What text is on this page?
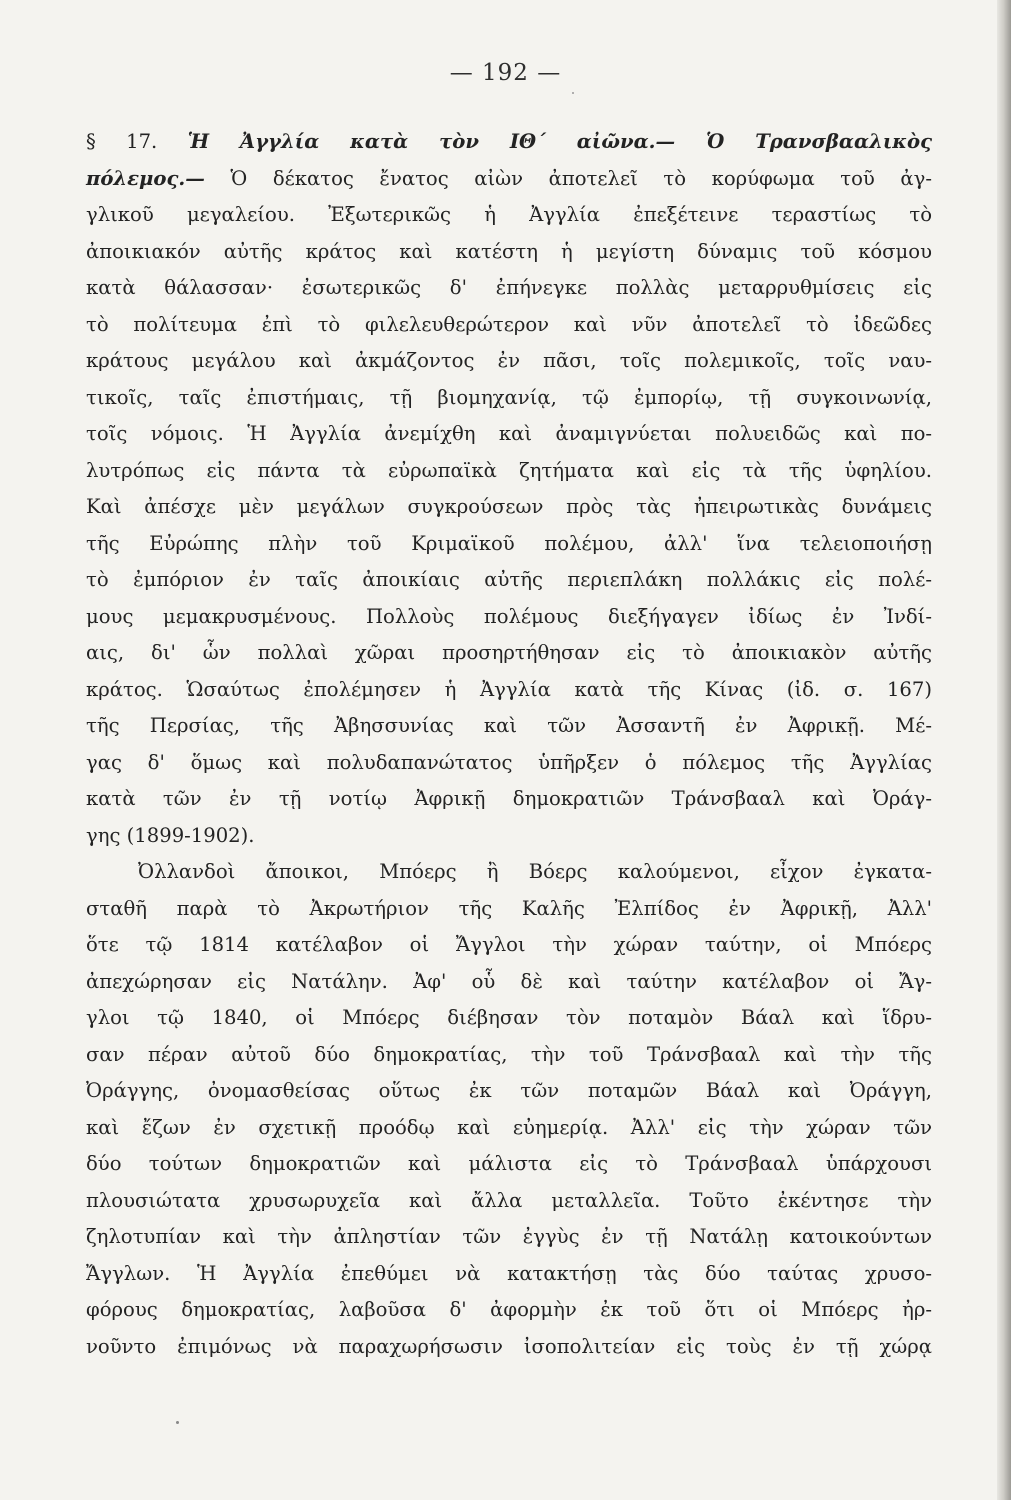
— 192 —

§ 17. Ἡ Ἀγγλία κατὰ τὸν ΙΘ΄ αἰῶνα.— Ὁ Τρανσβααλικὸς

πόλεμος.— Ὁ δέκατος ἔνατος αἰὼν ἀποτελεῖ τὸ κορύφωμα τοῦ ἀγ-

γλικοῦ μεγαλείου. Ἐξωτερικῶς ἡ Ἀγγλία ἐπεξέτεινε τεραστίως τὸ

ἀποικιακόν αὐτῆς κράτος καὶ κατέστη ἡ μεγίστη δύναμις τοῦ κόσμου

κατὰ θάλασσαν· ἐσωτερικῶς δ' ἐπήνεγκε πολλὰς μεταρρυθμίσεις εἰς

τὸ πολίτευμα ἐπὶ τὸ φιλελευθερώτερον καὶ νῦν ἀποτελεῖ τὸ ἰδεῶδες

κράτους μεγάλου καὶ ἀκμάζοντος ἐν πᾶσι, τοῖς πολεμικοῖς, τοῖς ναυ-

τικοῖς, ταῖς ἐπιστήμαις, τῇ βιομηχανίᾳ, τῷ ἐμπορίῳ, τῇ συγκοινωνίᾳ,

τοῖς νόμοις. Ἡ Ἀγγλία ἀνεμίχθη καὶ ἀναμιγνύεται πολυειδῶς καὶ πο-

λυτρόπως εἰς πάντα τὰ εὐρωπαϊκὰ ζητήματα καὶ εἰς τὰ τῆς ὑφηλίου.

Καὶ ἀπέσχε μὲν μεγάλων συγκρούσεων πρὸς τὰς ἠπειρωτικὰς δυνάμεις

τῆς Εὐρώπης πλὴν τοῦ Κριμαϊκοῦ πολέμου, ἀλλ' ἵνα τελειοποιήσῃ

τὸ ἐμπόριον ἐν ταῖς ἀποικίαις αὐτῆς περιεπλάκη πολλάκις εἰς πολέ-

μους μεμακρυσμένους. Πολλοὺς πολέμους διεξήγαγεν ἰδίως ἐν Ἰνδί-

αις, δι' ὧν πολλαὶ χῶραι προσηρτήθησαν εἰς τὸ ἀποικιακὸν αὐτῆς

κράτος. Ὡσαύτως ἐπολέμησεν ἡ Ἀγγλία κατὰ τῆς Κίνας (ἰδ. σ. 167)

τῆς Περσίας, τῆς Ἀβησσυνίας καὶ τῶν Ἀσσαντῆ ἐν Ἀφρικῇ. Μέ-

γας δ' ὅμως καὶ πολυδαπανώτατος ὑπῆρξεν ὁ πόλεμος τῆς Ἀγγλίας

κατὰ τῶν ἐν τῇ νοτίῳ Ἀφρικῇ δημοκρατιῶν Τράνσβααλ καὶ Ὀράγ-

γης (1899-1902).

Ὀλλανδοὶ ἄποικοι, Μπόερς ἢ Βόερς καλούμενοι, εἶχον ἐγκατα-

σταθῆ παρὰ τὸ Ἀκρωτήριον τῆς Καλῆς Ἐλπίδος ἐν Ἀφρικῇ, Ἀλλ'

ὅτε τῷ 1814 κατέλαβον οἱ Ἄγγλοι τὴν χώραν ταύτην, οἱ Μπόερς

ἀπεχώρησαν εἰς Νατάλην. Ἀφ' οὗ δὲ καὶ ταύτην κατέλαβον οἱ Ἄγ-

γλοι τῷ 1840, οἱ Μπόερς διέβησαν τὸν ποταμὸν Βάαλ καὶ ἵδρυ-

σαν πέραν αὐτοῦ δύο δημοκρατίας, τὴν τοῦ Τράνσβααλ καὶ τὴν τῆς

Ὀράγγης, ὀνομασθείσας οὕτως ἐκ τῶν ποταμῶν Βάαλ καὶ Ὀράγγη,

καὶ ἔζων ἐν σχετικῇ προόδῳ καὶ εὐημερίᾳ. Ἀλλ' εἰς τὴν χώραν τῶν

δύο τούτων δημοκρατιῶν καὶ μάλιστα εἰς τὸ Τράνσβααλ ὑπάρχουσι

πλουσιώτατα χρυσωρυχεῖα καὶ ἄλλα μεταλλεῖα. Τοῦτο ἐκέντησε τὴν

ζηλοτυπίαν καὶ τὴν ἀπληστίαν τῶν ἐγγὺς ἐν τῇ Νατάλῃ κατοικούντων

Ἄγγλων. Ἡ Ἀγγλία ἐπεθύμει νὰ κατακτήσῃ τὰς δύο ταύτας χρυσο-

φόρους δημοκρατίας, λαβοῦσα δ' ἀφορμὴν ἐκ τοῦ ὅτι οἱ Μπόερς ἠρ-

νοῦντο ἐπιμόνως νὰ παραχωρήσωσιν ἰσοπολιτείαν εἰς τοὺς ἐν τῇ χώρᾳ
